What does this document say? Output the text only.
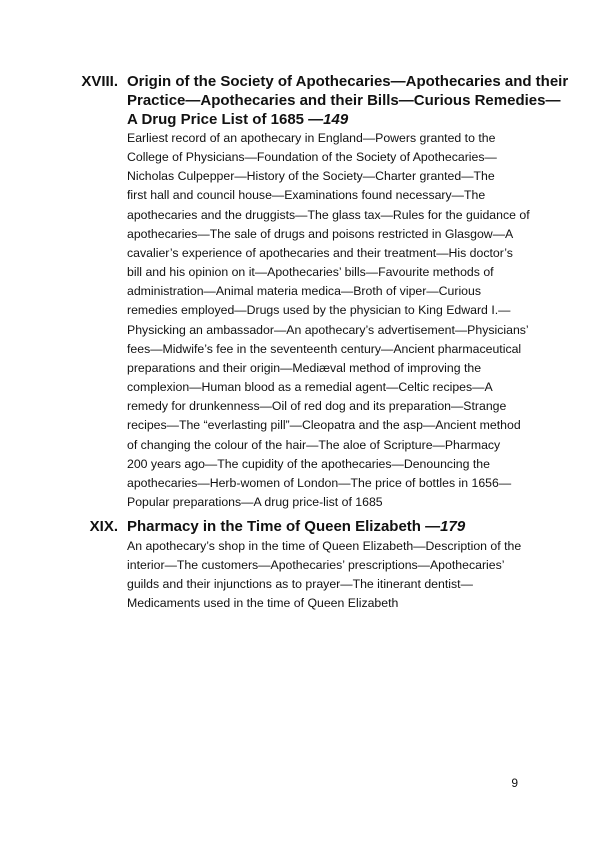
XVIII. Origin of the Society of Apothecaries—Apothecaries and their
Practice—Apothecaries and their Bills—Curious Remedies—
A Drug Price List of 1685 —149
Earliest record of an apothecary in England—Powers granted to the
College of Physicians—Foundation of the Society of Apothecaries—
Nicholas Culpepper—History of the Society—Charter granted—The
first hall and council house—Examinations found necessary—The
apothecaries and the druggists—The glass tax—Rules for the guidance of
apothecaries—The sale of drugs and poisons restricted in Glasgow—A
cavalier’s experience of apothecaries and their treatment—His doctor’s
bill and his opinion on it—Apothecaries’ bills—Favourite methods of
administration—Animal materia medica—Broth of viper—Curious
remedies employed—Drugs used by the physician to King Edward I.—
Physicking an ambassador—An apothecary’s advertisement—Physicians’
fees—Midwife’s fee in the seventeenth century—Ancient pharmaceutical
preparations and their origin—Mediæval method of improving the
complexion—Human blood as a remedial agent—Celtic recipes—A
remedy for drunkenness—Oil of red dog and its preparation—Strange
recipes—The “everlasting pill”—Cleopatra and the asp—Ancient method
of changing the colour of the hair—The aloe of Scripture—Pharmacy
200 years ago—The cupidity of the apothecaries—Denouncing the
apothecaries—Herb-women of London—The price of bottles in 1656—
Popular preparations—A drug price-list of 1685
XIX. Pharmacy in the Time of Queen Elizabeth —179
An apothecary’s shop in the time of Queen Elizabeth—Description of the
interior—The customers—Apothecaries’ prescriptions—Apothecaries’
guilds and their injunctions as to prayer—The itinerant dentist—
Medicaments used in the time of Queen Elizabeth
9
